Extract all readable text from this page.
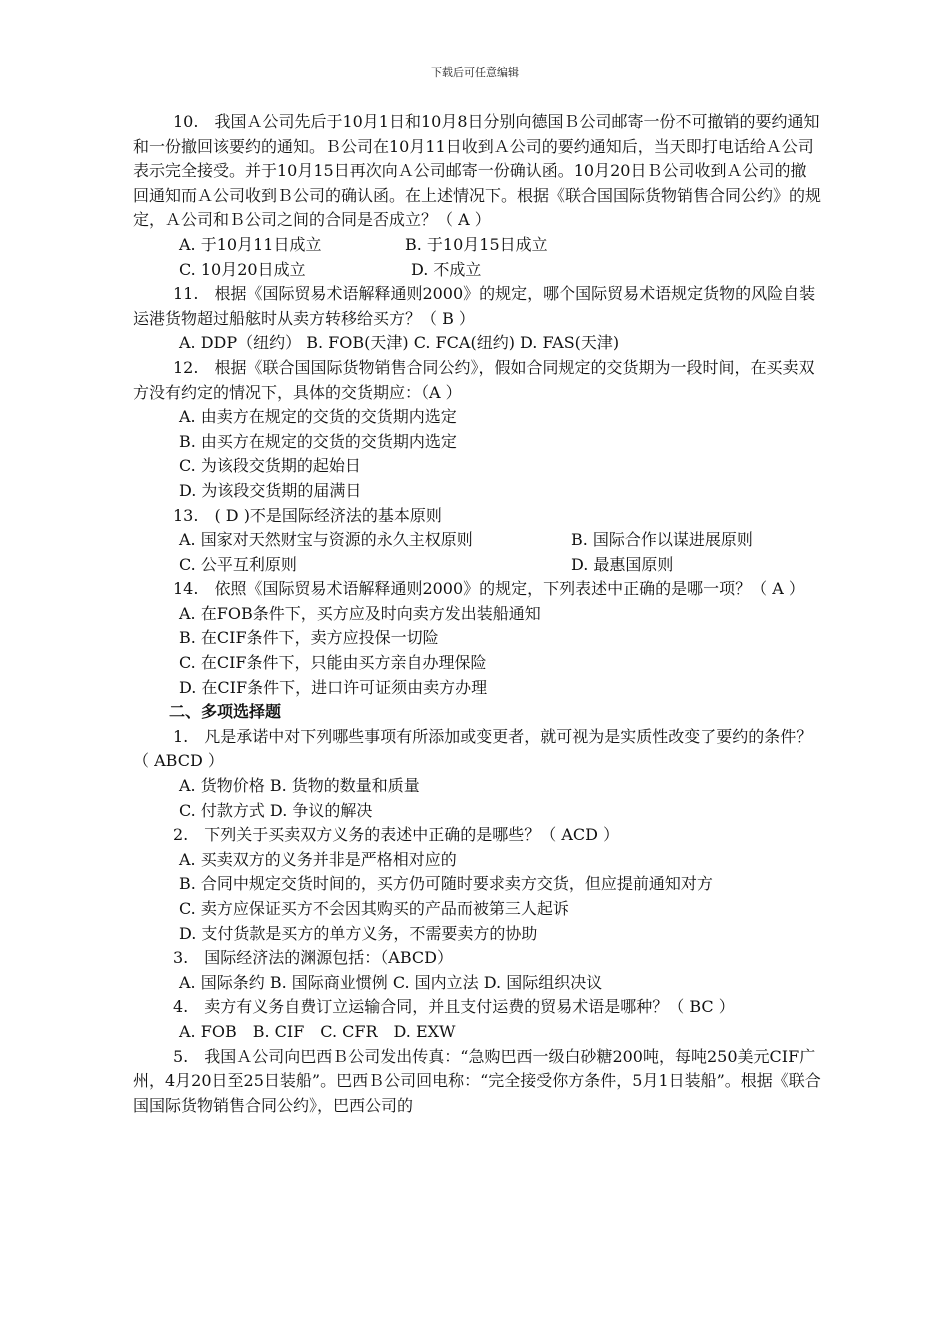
下载后可任意编辑

10.　我国Ａ公司先后于10月1日和10月8日分别向德国Ｂ公司邮寄一份不可撤销的要约通知和一份撤回该要约的通知。Ｂ公司在10月11日收到Ａ公司的要约通知后，当天即打电话给Ａ公司表示完全接受。并于10月15日再次向Ａ公司邮寄一份确认函。10月20日Ｂ公司收到Ａ公司的撤回通知而Ａ公司收到Ｂ公司的确认函。在上述情况下。根据《联合国国际货物销售合同公约》的规定，Ａ公司和Ｂ公司之间的合同是否成立？（ A ）

A. 于10月11日成立	B. 于10月15日成立
C. 10月20日成立	D. 不成立

11.　根据《国际贸易术语解释通则2000》的规定，哪个国际贸易术语规定货物的风险自装运港货物超过船舷时从卖方转移给买方？（ B ）

A. DDP（纽约） B. FOB(天津) C. FCA(纽约) D. FAS(天津)

12.　根据《联合国国际货物销售合同公约》，假如合同规定的交货期为一段时间，在买卖双方没有约定的情况下，具体的交货期应：（A ）

A. 由卖方在规定的交货的交货期内选定

B. 由买方在规定的交货的交货期内选定

C. 为该段交货期的起始日

D. 为该段交货期的届满日

13.　( D )不是国际经济法的基本原则

A. 国家对天然财宝与资源的永久主权原则	B. 国际合作以谋进展原则
C. 公平互利原则	D. 最惠国原则

14.　依照《国际贸易术语解释通则2000》的规定，下列表述中正确的是哪一项？（ A ）

A. 在FOB条件下，买方应及时向卖方发出装船通知

B. 在CIF条件下，卖方应投保一切险

C. 在CIF条件下，只能由买方亲自办理保险

D. 在CIF条件下，进口许可证须由卖方办理

二、多项选择题

1.　凡是承诺中对下列哪些事项有所添加或变更者，就可视为是实质性改变了要约的条件？（ ABCD ）

A. 货物价格 B. 货物的数量和质量

C. 付款方式 D. 争议的解决

2.　下列关于买卖双方义务的表述中正确的是哪些？（ ACD ）

A. 买卖双方的义务并非是严格相对应的

B. 合同中规定交货时间的，买方仍可随时要求卖方交货，但应提前通知对方

C. 卖方应保证买方不会因其购买的产品而被第三人起诉

D. 支付货款是买方的单方义务，不需要卖方的协助

3.　国际经济法的渊源包括：（ABCD）

A. 国际条约 B. 国际商业惯例 C. 国内立法 D. 国际组织决议

4.　卖方有义务自费订立运输合同，并且支付运费的贸易术语是哪种？（ BC ）

A. FOB　B. CIF　C. CFR　D. EXW

5.　我国Ａ公司向巴西Ｂ公司发出传真：“急购巴西一级白砂糖200吨，每吨250美元CIF广州，4月20日至25日装船”。巴西Ｂ公司回电称：“完全接受你方条件，5月1日装船”。根据《联合国国际货物销售合同公约》，巴西公司的
